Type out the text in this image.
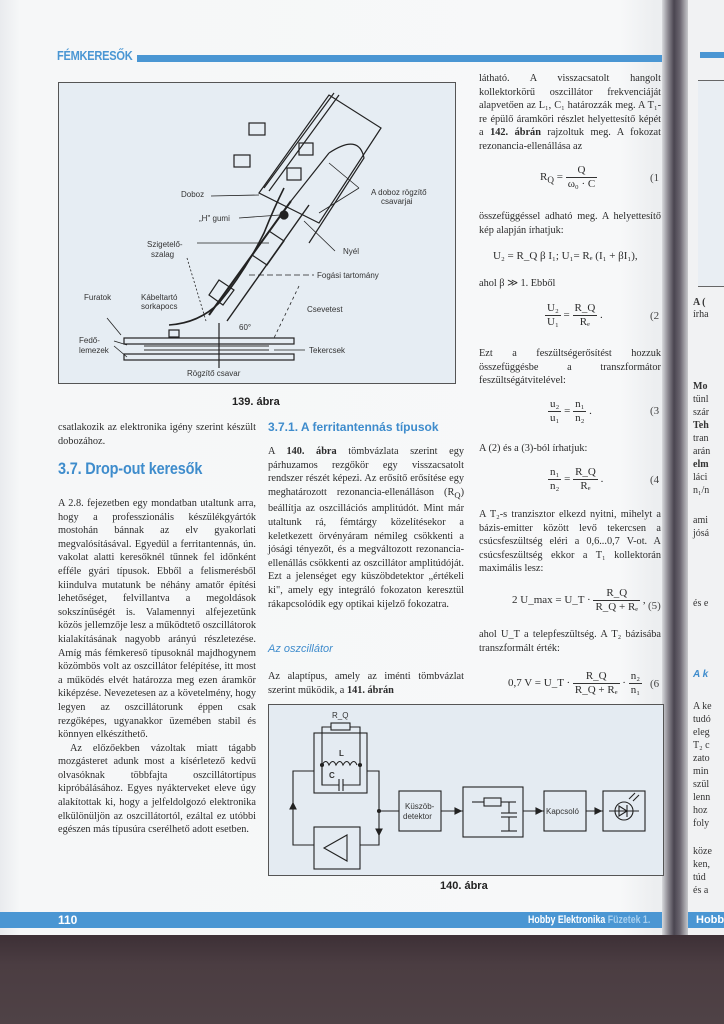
A (
írha
Mo
tünl
szár
Teh
tran
arán
elm
láci
n₁/n
ami
jósá
és e
A k
A ke
tudó
eleg
T₂ c
zato
min
szül
lenn
hoz
foly
köze
ken,
túd
és a
Hobb
FÉMKERESŐK
Doboz
„H" gumi
Szigetelő-
szalag
Furatok	Kábeltartó
sorkapocs
Fedő-
lemezek
Rögzítő csavar
A doboz rögzítő
csavarjai
Nyél
Fogási tartomány
Csevetest
Tekercsek
60°
139. ábra

csatlakozik az elektronika igény szerint készült dobozához.

3.7. Drop-out keresők

A 2.8. fejezetben egy mondatban utaltunk arra, hogy a professzionális készülékgyártók mostohán bánnak az elv gyakorlati megvalósításával. Egyedül a ferritantennás, ún. vakolat alatti keresőknél tűnnek fel időnként efféle gyári típusok. Ebből a felismerésből kiindulva mutatunk be néhány amatőr építési lehetőséget, felvillantva a megoldások sokszínűségét is. Valamennyi alfejezetünk közös jellemzője lesz a működtető oszcillátorok kialakításának nagyobb arányú részletezése. Amíg más fémkereső típusoknál majdhogynem közömbös volt az oszcillátor felépítése, itt most a működés elvét határozza meg ezen áramkör kiképzése. Nevezetesen az a követelmény, hogy legyen az oszcillátorunk éppen csak rezgőképes, ugyanakkor üzemében stabil és könnyen elkészíthető.

Az előzőekben vázoltak miatt tágabb mozgásteret adunk most a kísérletező kedvű olvasóknak többfajta oszcillátortípus kipróbálásához. Egyes nyákterveket eleve úgy alakítottak ki, hogy a jelfeldolgozó elektronika elkülönüljön az oszcillátortól, ezáltal ez utóbbi egészen más típusúra cserélhető adott esetben.

3.7.1. A ferritantennás típusok

A 140. ábra tömbvázlata szerint egy párhuzamos rezgőkör egy visszacsatolt rendszer részét képezi. Az erősítő erősítése egy meghatározott rezonancia-ellenálláson $(R_Q)$ beállítja az oszcillációs amplitúdót. Mint már utaltunk rá, fémtárgy közelítésekor a keletkezett örvényáram némileg csökkenti a jósági tényezőt, és a megváltozott rezonancia-ellenállás csökkenti az oszcillátor amplitúdóját. Ezt a jelenséget egy küszöbdetektor „értékeli ki", amely egy integráló fokozaton keresztül rákapcsolódik egy optikai kijelző fokozatra.

Az oszcillátor

Az alaptípus, amely az iménti tömbvázlat szerint működik, a 141. ábrán

látható. A visszacsatolt hangolt kollektorkörű oszcillátor frekvenciáját alapvetően az L₁, C₁ határozzák meg. A T₁-re épülő áramköri részlet helyettesítő képét a 142. ábrán rajzoltuk meg. A fokozat rezonancia-ellenállása az

$R_Q = \frac{Q}{\text{ω₀ · C}}$	(1

összefüggéssel adható meg. A helyettesítő kép alapján írhatjuk:

U₂ = R_Q β I₁; U₁= Rₑ (I₁ + βI₁),

ahol β ≫ 1. Ebből

$\frac{\text{U₂}}{\text{U₁}} = \frac{R\_Q}{\text{Rₑ}}$ .	(2

Ezt a feszültségerősítést hozzuk összefüggésbe a transzformátor feszültségátvitelével:

$\frac{\text{u₂}}{\text{u₁}} = \frac{\text{n₁}}{\text{n₂}}$ .	(3

A (2) és a (3)-ból írhatjuk:

$\frac{\text{n₁}}{\text{n₂}} = \frac{R\_Q}{\text{Rₑ}}$ .	(4

A T₂-s tranzisztor elkezd nyitni, mihelyt a bázis-emitter között levő tekercsen a csúcsfeszültség eléri a 0,6...0,7 V-ot. A csúcsfeszültség ekkor a T₁ kollektorán maximális lesz:

2 U_max = U_T · $\frac{R\_Q}{\text{R\_Q + Rₑ}}$ , (5)

ahol U_T a telepfeszültség. A T₂ bázisába transzformált érték:

0,7 V = U_T · $\frac{R\_Q}{\text{R\_Q + Rₑ}} \cdot \frac{\text{n₂}}{\text{n₁}} (6$
R_Q
L
C
Küszöb-
detektor
Kapcsoló
140. ábra
110	Hobby Elektronika Füzetek 1.
